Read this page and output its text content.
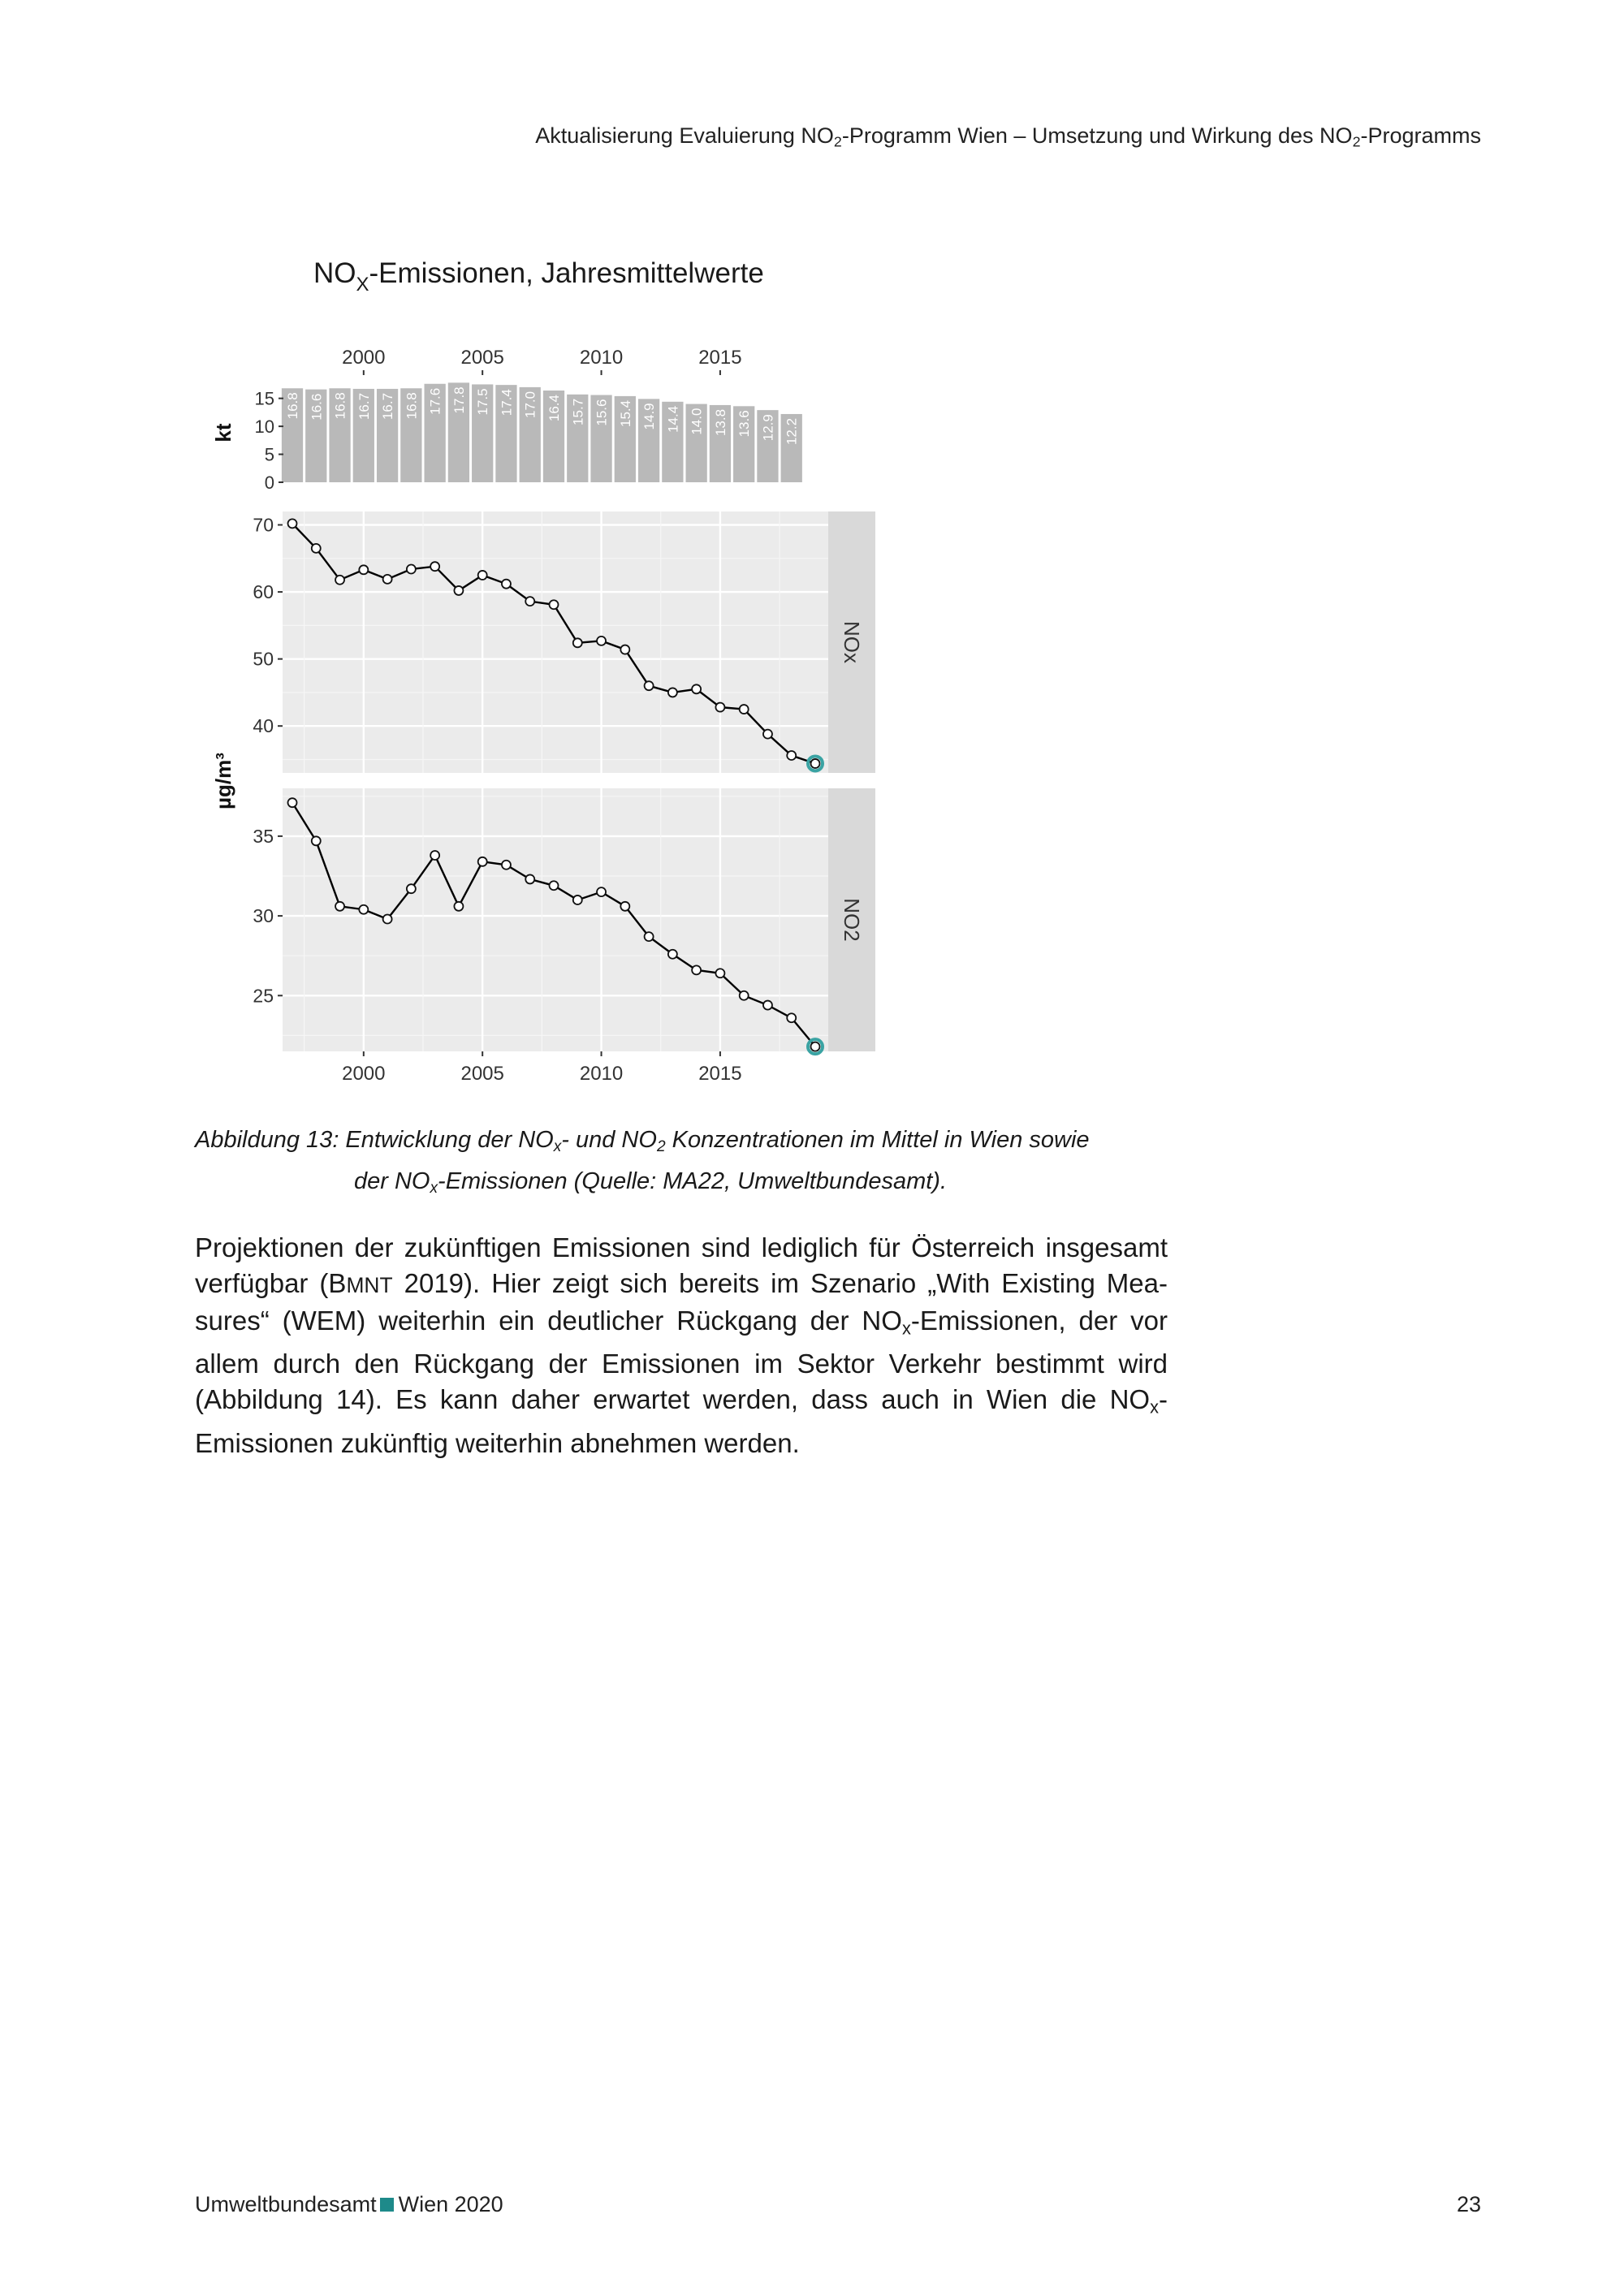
Aktualisierung Evaluierung $NO_2$-Programm Wien – Umsetzung und Wirkung des $NO_2$-Programms
$NO_X$-Emissionen, Jahresmittelwerte
16.8 16.6 16.8 16.7 16.7 16.8 17.6 17.8 17.5 17.4 17.0 16.4 15.7 15.6 15.4 14.9 14.4 14.0 13.8 13.6 12.9 12.2
0
5
10
15
kt
2000	2005	2010	2015
40
50
60
70
NOx
25
30
35
NO2
2000	2005	2010	2015
µg/m³
Abbildung 13: Entwicklung der $NO_x-$ und $NO_2$ Konzentrationen im Mittel in Wien sowie
der $NO_x$-Emissionen (Quelle: MA22, Umweltbundesamt).
Projektionen der zukünftigen Emissionen sind lediglich für Österreich insgesamt verfügbar (BMNT 2019). Hier zeigt sich bereits im Szenario „With Existing Mea-sures“ (WEM) weiterhin ein deutlicher Rückgang der $NO_x$-Emissionen, der vor allem durch den Rückgang der Emissionen im Sektor Verkehr bestimmt wird (Abbildung 14). Es kann daher erwartet werden, dass auch in Wien die $NO_x$-Emissionen zukünftig weiterhin abnehmen werden.
Umweltbundesamt Wien 2020	23
